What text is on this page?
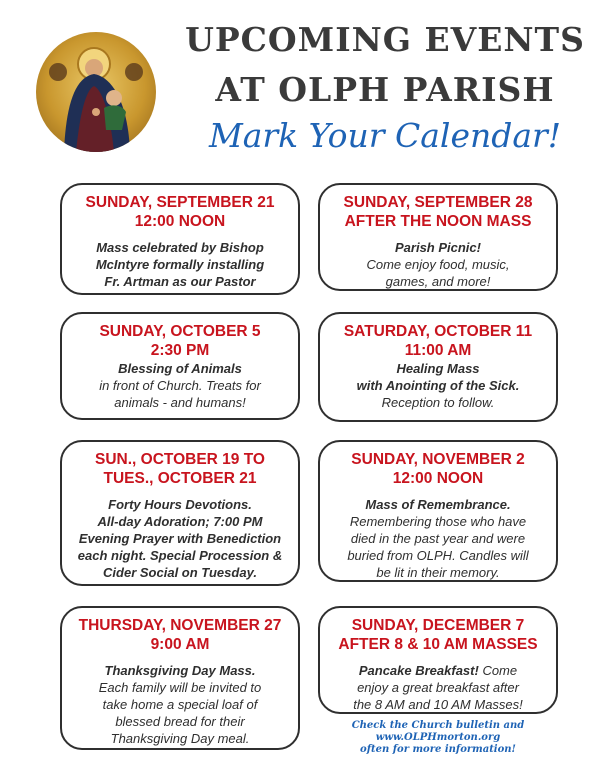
UPCOMING EVENTS
AT OLPH PARISH
Mark Your Calendar!
SUNDAY, SEPTEMBER 21
12:00 NOON
Mass celebrated by Bishop
McIntyre formally installing
Fr. Artman as our Pastor
SUNDAY, SEPTEMBER 28
AFTER THE NOON MASS
Parish Picnic!
Come enjoy food, music,
games, and more!
SUNDAY, OCTOBER 5
2:30 PM
Blessing of Animals
in front of Church. Treats for
animals - and humans!
SATURDAY, OCTOBER 11
11:00 AM
Healing Mass
with Anointing of the Sick.
Reception to follow.
SUN., OCTOBER 19 TO
TUES., OCTOBER 21
Forty Hours Devotions.
All-day Adoration; 7:00 PM
Evening Prayer with Benediction
each night. Special Procession &
Cider Social on Tuesday.
SUNDAY, NOVEMBER 2
12:00 NOON
Mass of Remembrance.
Remembering those who have
died in the past year and were
buried from OLPH. Candles will
be lit in their memory.
THURSDAY, NOVEMBER 27
9:00 AM
Thanksgiving Day Mass.
Each family will be invited to
take home a special loaf of
blessed bread for their
Thanksgiving Day meal.
SUNDAY, DECEMBER 7
AFTER 8 & 10 AM MASSES
Pancake Breakfast! Come
enjoy a great breakfast after
the 8 AM and 10 AM Masses!
Check the Church bulletin and
www.OLPHmorton.org
often for more information!
